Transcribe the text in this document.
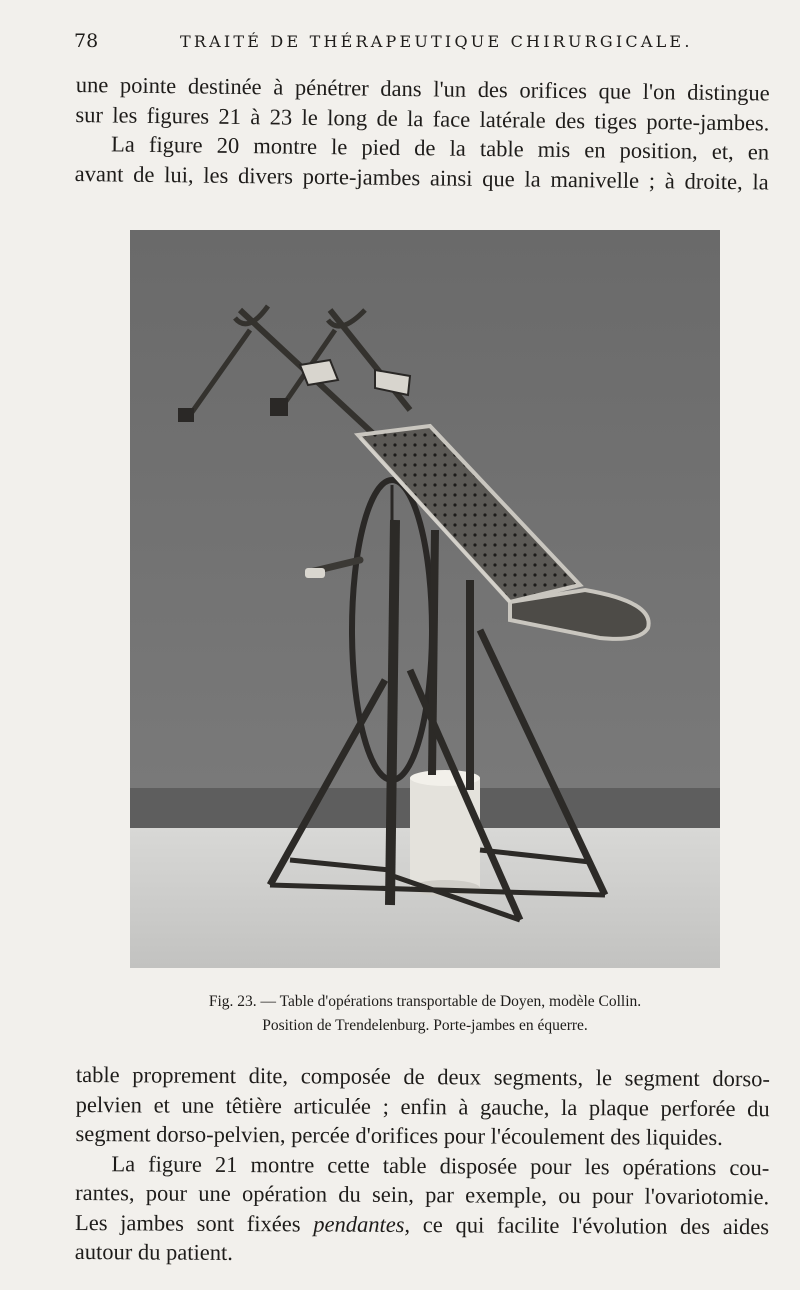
78	TRAITÉ DE THÉRAPEUTIQUE CHIRURGICALE.

une pointe destinée à pénétrer dans l'un des orifices que l'on distingue
sur les figures 21 à 23 le long de la face latérale des tiges porte-jambes.

La figure 20 montre le pied de la table mis en position, et, en
avant de lui, les divers porte-jambes ainsi que la manivelle ; à droite, la

Fig. 23. — Table d'opérations transportable de Doyen, modèle Collin.
Position de Trendelenburg. Porte-jambes en équerre.

table proprement dite, composée de deux segments, le segment dorso-
pelvien et une têtière articulée ; enfin à gauche, la plaque perforée du
segment dorso-pelvien, percée d'orifices pour l'écoulement des liquides.

La figure 21 montre cette table disposée pour les opérations cou-
rantes, pour une opération du sein, par exemple, ou pour l'ovariotomie.
Les jambes sont fixées pendantes, ce qui facilite l'évolution des aides
autour du patient.
